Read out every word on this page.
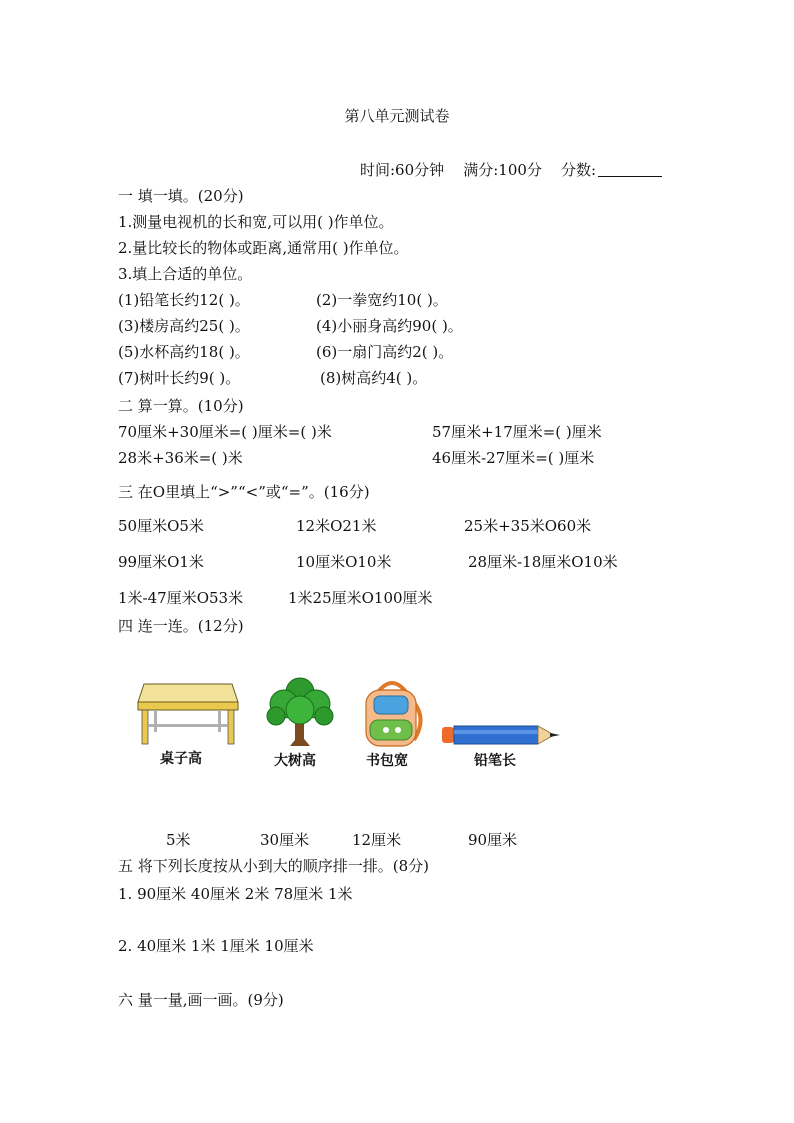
第八单元测试卷
时间:60分钟 满分:100分 分数:
一 填一填。(20分)
1.测量电视机的长和宽,可以用( )作单位。
2.量比较长的物体或距离,通常用( )作单位。
3.填上合适的单位。
(1)铅笔长约12( )。	(2)一拳宽约10( )。
(3)楼房高约25( )。	(4)小丽身高约90( )。
(5)水杯高约18( )。	(6)一扇门高约2( )。
(7)树叶长约9( )。	(8)树高约4( )。
二 算一算。(10分)
70厘米+30厘米=( )厘米=( )米	57厘米+17厘米=( )厘米
28米+36米=( )米	46厘米-27厘米=( )厘米
三 在O里填上“>”“<”或“=”。(16分)
50厘米O5米	12米O21米	25米+35米O60米
99厘米O1米	10厘米O10米	28厘米-18厘米O10米
1米-47厘米O53米	1米25厘米O100厘米
四 连一连。(12分)
桌子高	大树高	书包宽	铅笔长
5米	30厘米	12厘米	90厘米
五 将下列长度按从小到大的顺序排一排。(8分)
1. 90厘米 40厘米 2米 78厘米 1米
2. 40厘米 1米 1厘米 10厘米
六 量一量,画一画。(9分)
